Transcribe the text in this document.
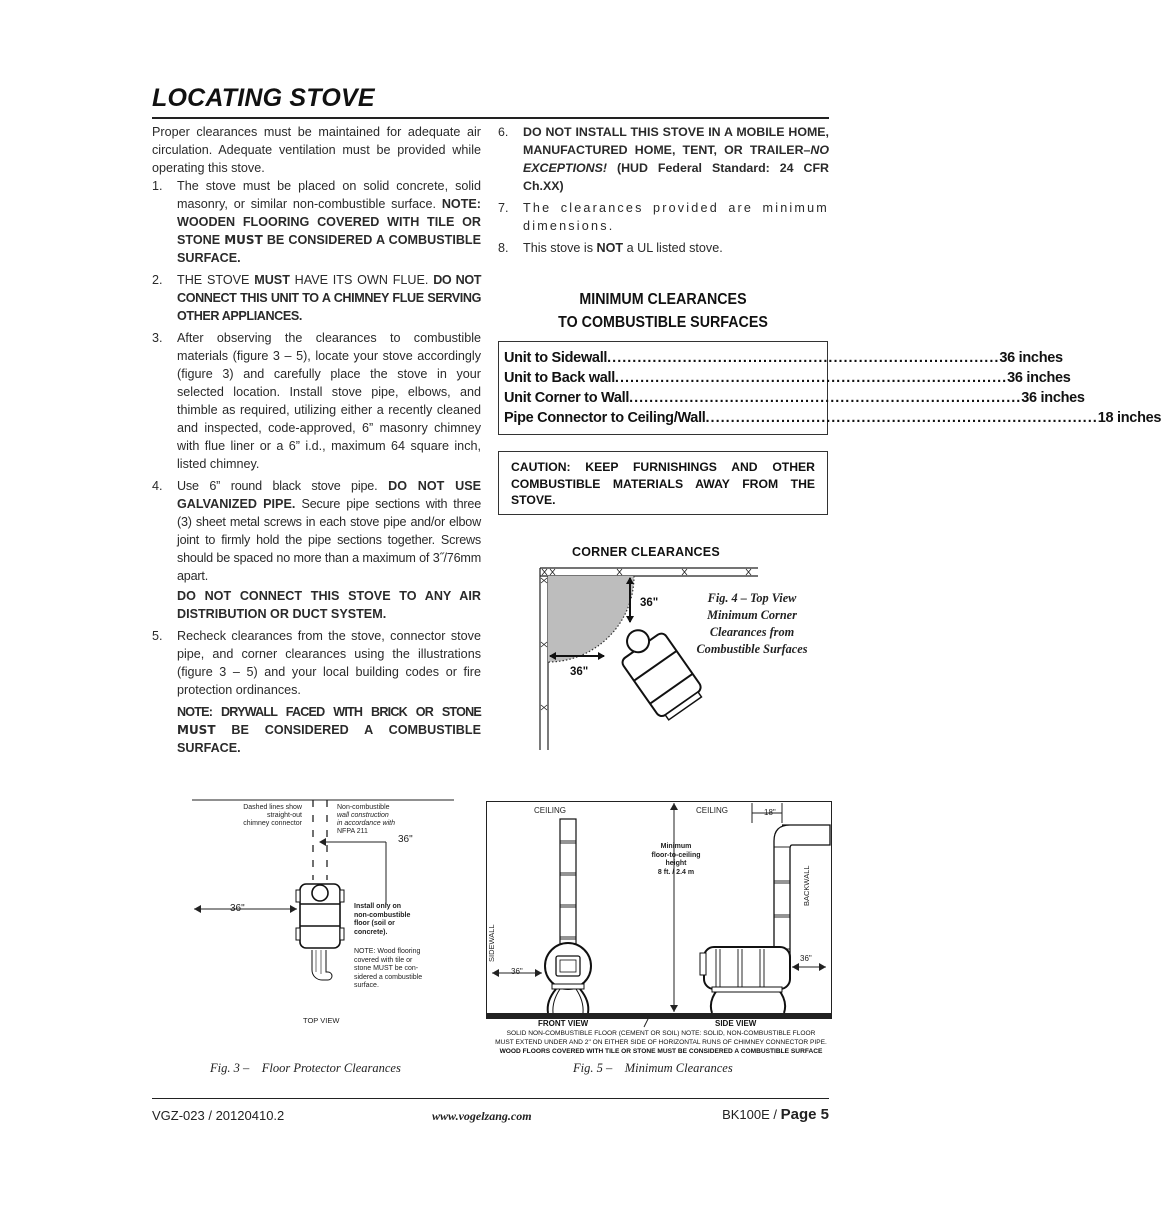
LOCATING STOVE

Proper clearances must be maintained for adequate air circulation. Adequate ventilation must be provided while operating this stove.

1. The stove must be placed on solid concrete, solid masonry, or similar non-combustible surface. NOTE: WOODEN FLOORING COVERED WITH TILE OR STONE MUST BE CONSIDERED A COMBUSTIBLE SURFACE.
2. THE STOVE MUST HAVE ITS OWN FLUE. DO NOT CONNECT THIS UNIT TO A CHIMNEY FLUE SERVING OTHER APPLIANCES.
3. After observing the clearances to combustible materials (figure 3 – 5), locate your stove accordingly (figure 3) and carefully place the stove in your selected location. Install stove pipe, elbows, and thimble as required, utilizing either a recently cleaned and inspected, code-approved, 6” masonry chimney with flue liner or a 6” i.d., maximum 64 square inch, listed chimney.
4. Use 6” round black stove pipe. DO NOT USE GALVANIZED PIPE. Secure pipe sections with three (3) sheet metal screws in each stove pipe and/or elbow joint to firmly hold the pipe sections together. Screws should be spaced no more than a maximum of 3˝/76mm apart.
DO NOT CONNECT THIS STOVE TO ANY AIR DISTRIBUTION OR DUCT SYSTEM.
5. Recheck clearances from the stove, connector stove pipe, and corner clearances using the illustrations (figure 3 – 5) and your local building codes or fire protection ordinances.
NOTE: DRYWALL FACED WITH BRICK OR STONE MUST BE CONSIDERED A COMBUSTIBLE SURFACE.
6. DO NOT INSTALL THIS STOVE IN A MOBILE HOME, MANUFACTURED HOME, TENT, OR TRAILER–NO EXCEPTIONS! (HUD Federal Standard: 24 CFR Ch.XX)
7. The clearances provided are minimum dimensions.
8. This stove is NOT a UL listed stove.
MINIMUM CLEARANCES
TO COMBUSTIBLE SURFACES
Unit to Sidewall .............................................................................. 36 inches
Unit to Back wall .............................................................................. 36 inches
Unit Corner to Wall .............................................................................. 36 inches
Pipe Connector to Ceiling/Wall .............................................................................. 18 inches
CAUTION: KEEP FURNISHINGS AND OTHER COMBUSTIBLE MATERIALS AWAY FROM THE STOVE.
CORNER CLEARANCES
36"
36"
Fig. 4 – Top View
Minimum Corner
Clearances from
Combustible Surfaces
Dashed lines show
straight-out
chimney connector
Non-combustible
wall construction
in accordance with
NFPA 211
36"
36"	Install only on
non-combustible
floor (soil or
concrete).
NOTE: Wood flooring
covered with tile or
stone MUST be con-
sidered a combustible
surface.
TOP VIEW
Fig. 3 –    Floor Protector Clearances
CEILING	CEILING	18"
Minimum
floor-to-ceiling
height
8 ft. / 2.4 m	BACKWALL
SIDEWALL
36"
36"
FRONT VIEW	SIDE VIEW
SOLID NON-COMBUSTIBLE FLOOR (CEMENT OR SOIL) NOTE: SOLID, NON-COMBUSTIBLE FLOOR
MUST EXTEND UNDER AND 2" ON EITHER SIDE OF HORIZONTAL RUNS OF CHIMNEY CONNECTOR PIPE.
WOOD FLOORS COVERED WITH TILE OR STONE MUST BE CONSIDERED A COMBUSTIBLE SURFACE
Fig. 5 –    Minimum Clearances
VGZ-023 / 20120410.2	www.vogelzang.com	BK100E / Page 5
